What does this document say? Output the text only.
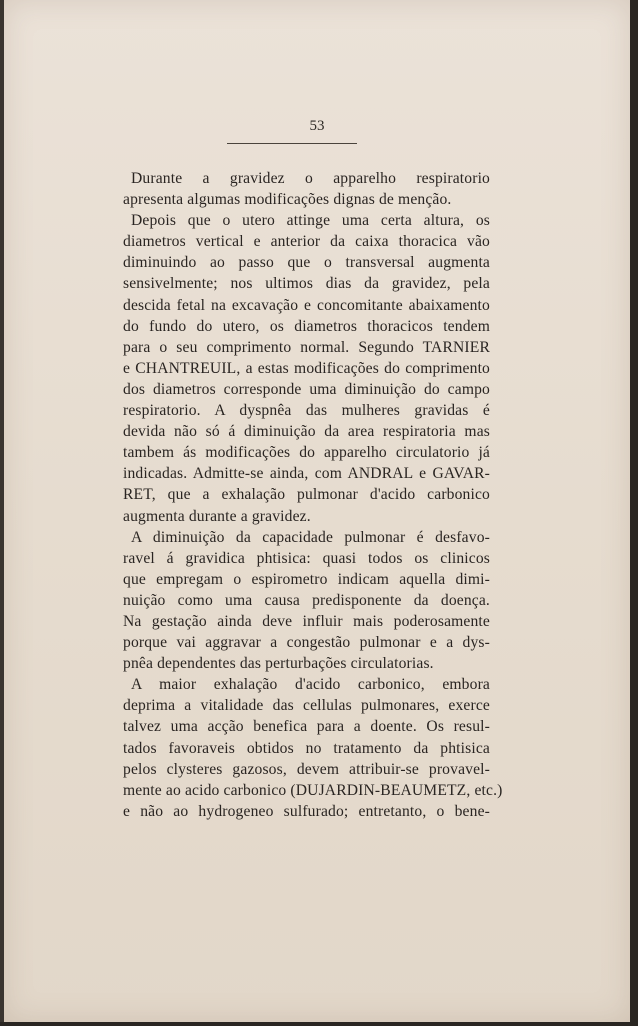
53
Durante a gravidez o apparelho respiratorio
apresenta algumas modificações dignas de menção.
Depois que o utero attinge uma certa altura, os
diametros vertical e anterior da caixa thoracica vão
diminuindo ao passo que o transversal augmenta
sensivelmente; nos ultimos dias da gravidez, pela
descida fetal na excavação e concomitante abaixamento
do fundo do utero, os diametros thoracicos tendem
para o seu comprimento normal. Segundo TARNIER
e CHANTREUIL, a estas modificações do comprimento
dos diametros corresponde uma diminuição do campo
respiratorio. A dyspnêa das mulheres gravidas é
devida não só á diminuição da area respiratoria mas
tambem ás modificações do apparelho circulatorio já
indicadas. Admitte-se ainda, com ANDRAL e GAVAR-
RET, que a exhalação pulmonar d'acido carbonico
augmenta durante a gravidez.
A diminuição da capacidade pulmonar é desfavo-
ravel á gravidica phtisica: quasi todos os clinicos
que empregam o espirometro indicam aquella dimi-
nuição como uma causa predisponente da doença.
Na gestação ainda deve influir mais poderosamente
porque vai aggravar a congestão pulmonar e a dys-
pnêa dependentes das perturbações circulatorias.
A maior exhalação d'acido carbonico, embora
deprima a vitalidade das cellulas pulmonares, exerce
talvez uma acção benefica para a doente. Os resul-
tados favoraveis obtidos no tratamento da phtisica
pelos clysteres gazosos, devem attribuir-se provavel-
mente ao acido carbonico (DUJARDIN-BEAUMETZ, etc.)
e não ao hydrogeneo sulfurado; entretanto, o bene-
